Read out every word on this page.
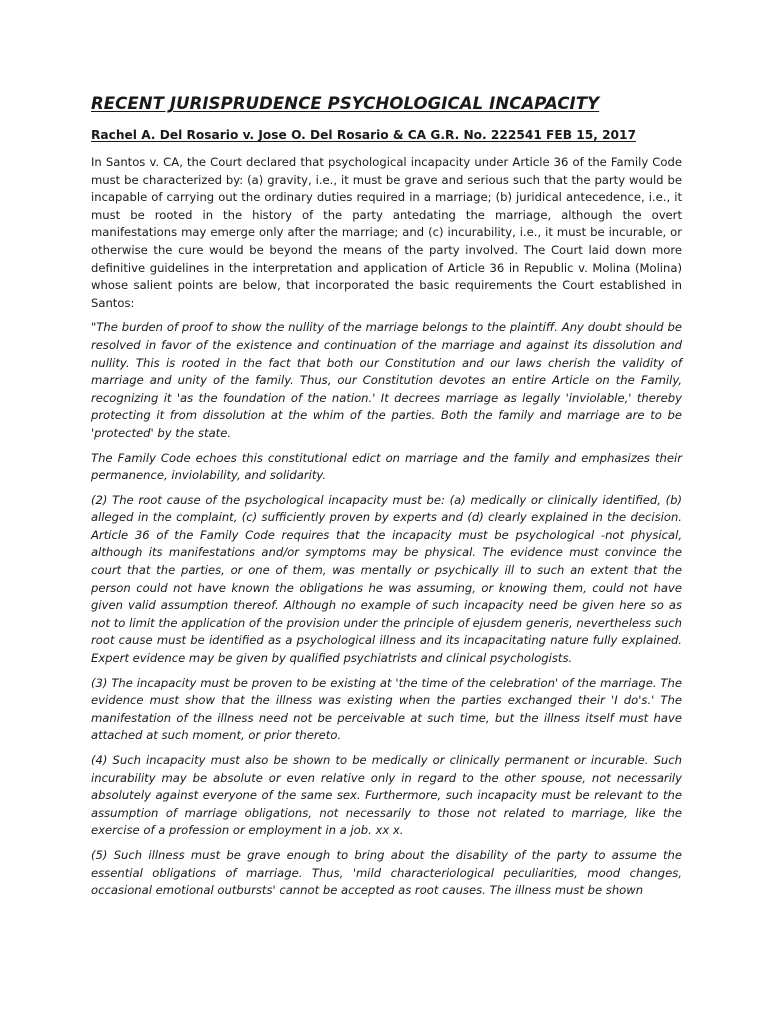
RECENT JURISPRUDENCE PSYCHOLOGICAL INCAPACITY
Rachel A. Del Rosario v. Jose O. Del Rosario & CA G.R. No. 222541 FEB 15, 2017

In Santos v. CA, the Court declared that psychological incapacity under Article 36 of the Family Code must be characterized by: (a) gravity, i.e., it must be grave and serious such that the party would be incapable of carrying out the ordinary duties required in a marriage; (b) juridical antecedence, i.e., it must be rooted in the history of the party antedating the marriage, although the overt manifestations may emerge only after the marriage; and (c) incurability, i.e., it must be incurable, or otherwise the cure would be beyond the means of the party involved. The Court laid down more definitive guidelines in the interpretation and application of Article 36 in Republic v. Molina (Molina) whose salient points are below, that incorporated the basic requirements the Court established in Santos:

"The burden of proof to show the nullity of the marriage belongs to the plaintiff. Any doubt should be resolved in favor of the existence and continuation of the marriage and against its dissolution and nullity. This is rooted in the fact that both our Constitution and our laws cherish the validity of marriage and unity of the family. Thus, our Constitution devotes an entire Article on the Family, recognizing it 'as the foundation of the nation.' It decrees marriage as legally 'inviolable,' thereby protecting it from dissolution at the whim of the parties. Both the family and marriage are to be 'protected' by the state.

The Family Code echoes this constitutional edict on marriage and the family and emphasizes their permanence, inviolability, and solidarity.

(2) The root cause of the psychological incapacity must be: (a) medically or clinically identified, (b) alleged in the complaint, (c) sufficiently proven by experts and (d) clearly explained in the decision. Article 36 of the Family Code requires that the incapacity must be psychological -not physical, although its manifestations and/or symptoms may be physical. The evidence must convince the court that the parties, or one of them, was mentally or psychically ill to such an extent that the person could not have known the obligations he was assuming, or knowing them, could not have given valid assumption thereof. Although no example of such incapacity need be given here so as not to limit the application of the provision under the principle of ejusdem generis, nevertheless such root cause must be identified as a psychological illness and its incapacitating nature fully explained. Expert evidence may be given by qualified psychiatrists and clinical psychologists.

(3) The incapacity must be proven to be existing at 'the time of the celebration' of the marriage. The evidence must show that the illness was existing when the parties exchanged their 'I do's.' The manifestation of the illness need not be perceivable at such time, but the illness itself must have attached at such moment, or prior thereto.

(4) Such incapacity must also be shown to be medically or clinically permanent or incurable. Such incurability may be absolute or even relative only in regard to the other spouse, not necessarily absolutely against everyone of the same sex. Furthermore, such incapacity must be relevant to the assumption of marriage obligations, not necessarily to those not related to marriage, like the exercise of a profession or employment in a job. xx x.

(5) Such illness must be grave enough to bring about the disability of the party to assume the essential obligations of marriage. Thus, 'mild characteriological peculiarities, mood changes, occasional emotional outbursts' cannot be accepted as root causes. The illness must be shown
